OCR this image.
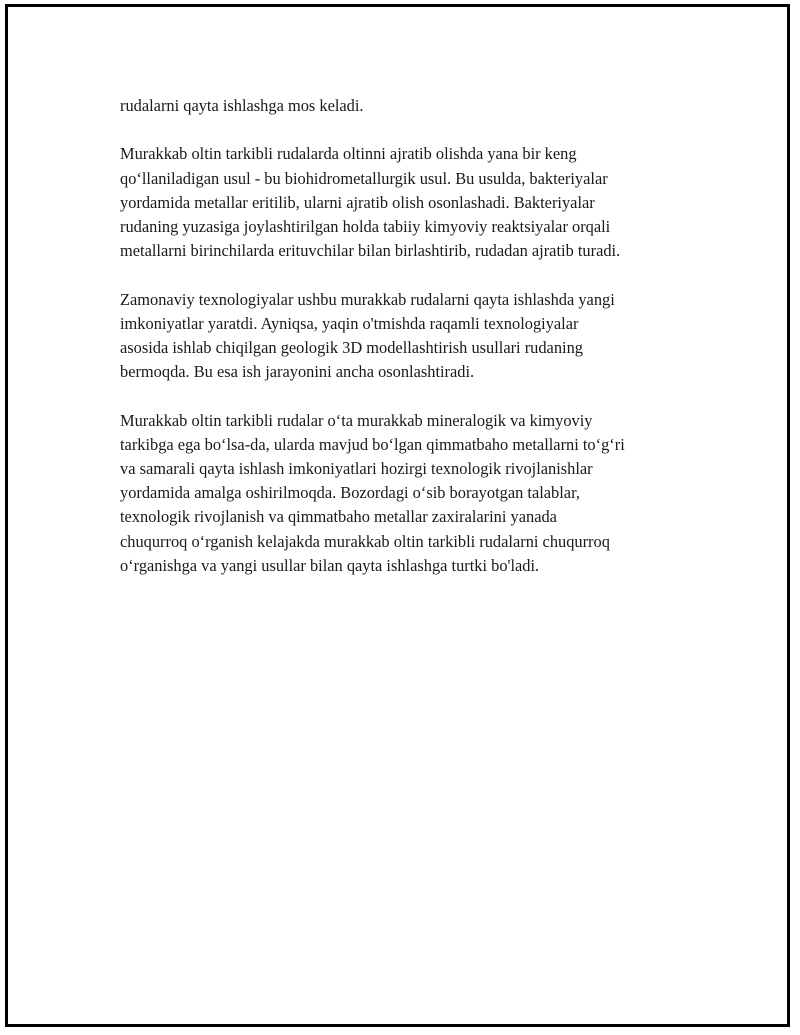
rudalarni qayta ishlashga mos keladi.

Murakkab oltin tarkibli rudalarda oltinni ajratib olishda yana bir keng
qo‘llaniladigan usul - bu biohidrometallurgik usul. Bu usulda, bakteriyalar
yordamida metallar eritilib, ularni ajratib olish osonlashadi. Bakteriyalar
rudaning yuzasiga joylashtirilgan holda tabiiy kimyoviy reaktsiyalar orqali
metallarni birinchilarda erituvchilar bilan birlashtirib, rudadan ajratib turadi.

Zamonaviy texnologiyalar ushbu murakkab rudalarni qayta ishlashda yangi
imkoniyatlar yaratdi. Ayniqsa, yaqin o'tmishda raqamli texnologiyalar
asosida ishlab chiqilgan geologik 3D modellashtirish usullari rudaning
bermoqda. Bu esa ish jarayonini ancha osonlashtiradi.

Murakkab oltin tarkibli rudalar o‘ta murakkab mineralogik va kimyoviy
tarkibga ega bo‘lsa-da, ularda mavjud bo‘lgan qimmatbaho metallarni to‘g‘ri
va samarali qayta ishlash imkoniyatlari hozirgi texnologik rivojlanishlar
yordamida amalga oshirilmoqda. Bozordagi o‘sib borayotgan talablar,
texnologik rivojlanish va qimmatbaho metallar zaxiralarini yanada
chuqurroq o‘rganish kelajakda murakkab oltin tarkibli rudalarni chuqurroq
o‘rganishga va yangi usullar bilan qayta ishlashga turtki bo'ladi.
